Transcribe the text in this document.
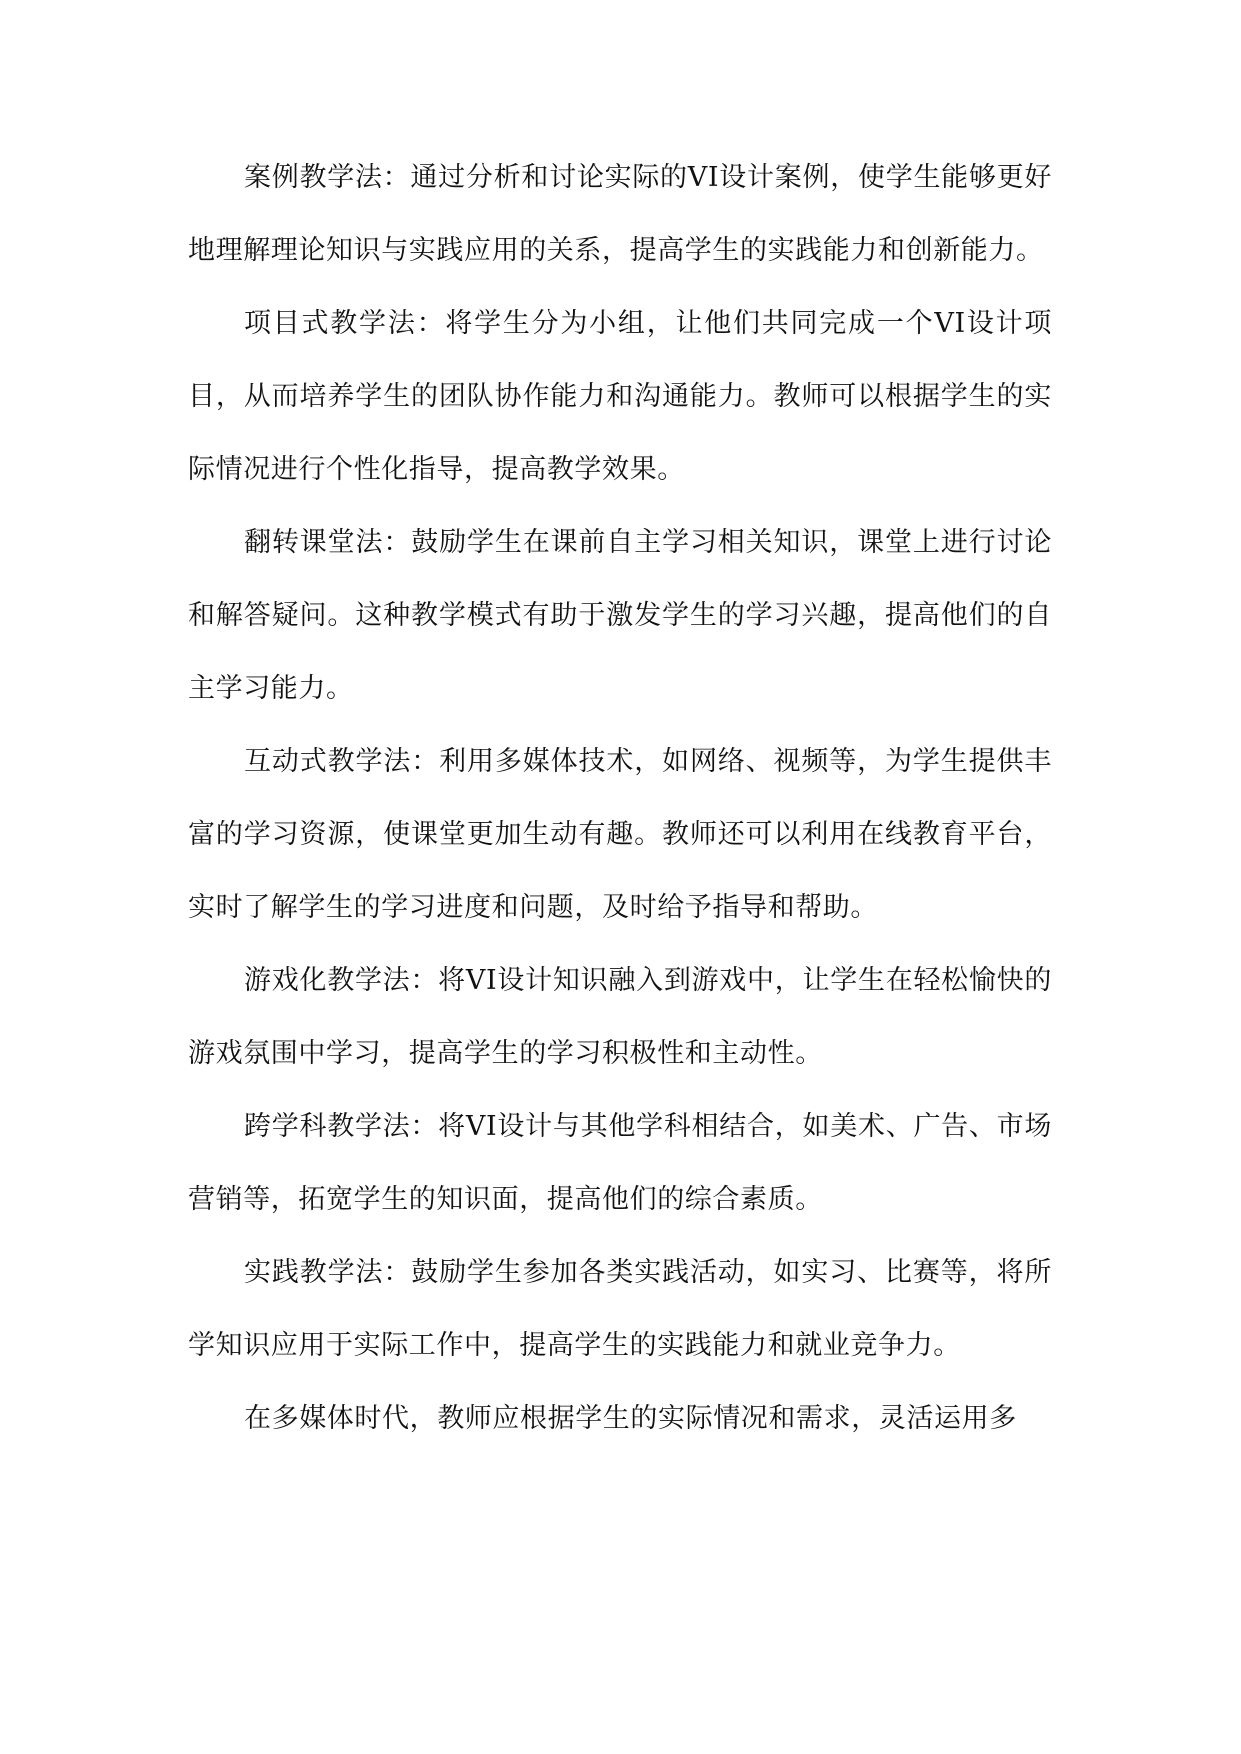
案例教学法：通过分析和讨论实际的VI设计案例，使学生能够更好地理解理论知识与实践应用的关系，提高学生的实践能力和创新能力。

项目式教学法：将学生分为小组，让他们共同完成一个VI设计项目，从而培养学生的团队协作能力和沟通能力。教师可以根据学生的实际情况进行个性化指导，提高教学效果。

翻转课堂法：鼓励学生在课前自主学习相关知识，课堂上进行讨论和解答疑问。这种教学模式有助于激发学生的学习兴趣，提高他们的自主学习能力。

互动式教学法：利用多媒体技术，如网络、视频等，为学生提供丰富的学习资源，使课堂更加生动有趣。教师还可以利用在线教育平台，实时了解学生的学习进度和问题，及时给予指导和帮助。

游戏化教学法：将VI设计知识融入到游戏中，让学生在轻松愉快的游戏氛围中学习，提高学生的学习积极性和主动性。

跨学科教学法：将VI设计与其他学科相结合，如美术、广告、市场营销等，拓宽学生的知识面，提高他们的综合素质。

实践教学法：鼓励学生参加各类实践活动，如实习、比赛等，将所学知识应用于实际工作中，提高学生的实践能力和就业竞争力。

在多媒体时代，教师应根据学生的实际情况和需求，灵活运用多
